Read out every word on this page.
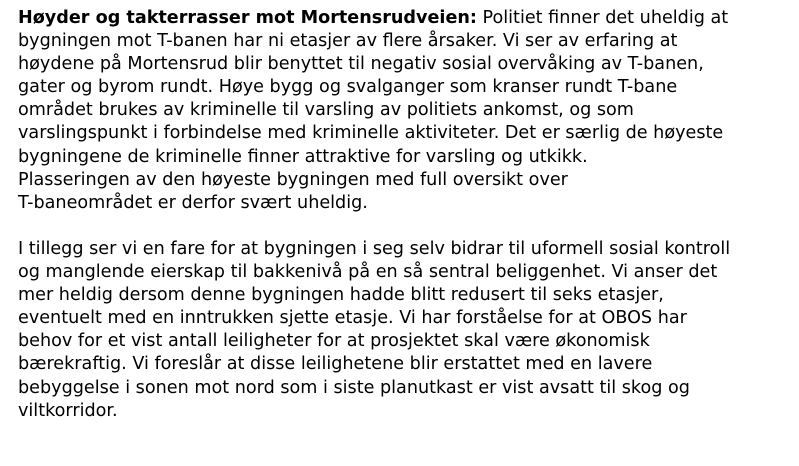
Høyder og takterrasser mot Mortensrudveien: Politiet finner det uheldig at
bygningen mot T-banen har ni etasjer av flere årsaker. Vi ser av erfaring at
høydene på Mortensrud blir benyttet til negativ sosial overvåking av T-banen,
gater og byrom rundt. Høye bygg og svalganger som kranser rundt T-bane
området brukes av kriminelle til varsling av politiets ankomst, og som
varslingspunkt i forbindelse med kriminelle aktiviteter. Det er særlig de høyeste
bygningene de kriminelle finner attraktive for varsling og utkikk.
Plasseringen av den høyeste bygningen med full oversikt over
T-baneområdet er derfor svært uheldig.
I tillegg ser vi en fare for at bygningen i seg selv bidrar til uformell sosial kontroll
og manglende eierskap til bakkenivå på en så sentral beliggenhet. Vi anser det
mer heldig dersom denne bygningen hadde blitt redusert til seks etasjer,
eventuelt med en inntrukken sjette etasje. Vi har forståelse for at OBOS har
behov for et vist antall leiligheter for at prosjektet skal være økonomisk
bærekraftig. Vi foreslår at disse leilighetene blir erstattet med en lavere
bebyggelse i sonen mot nord som i siste planutkast er vist avsatt til skog og
viltkorridor.
